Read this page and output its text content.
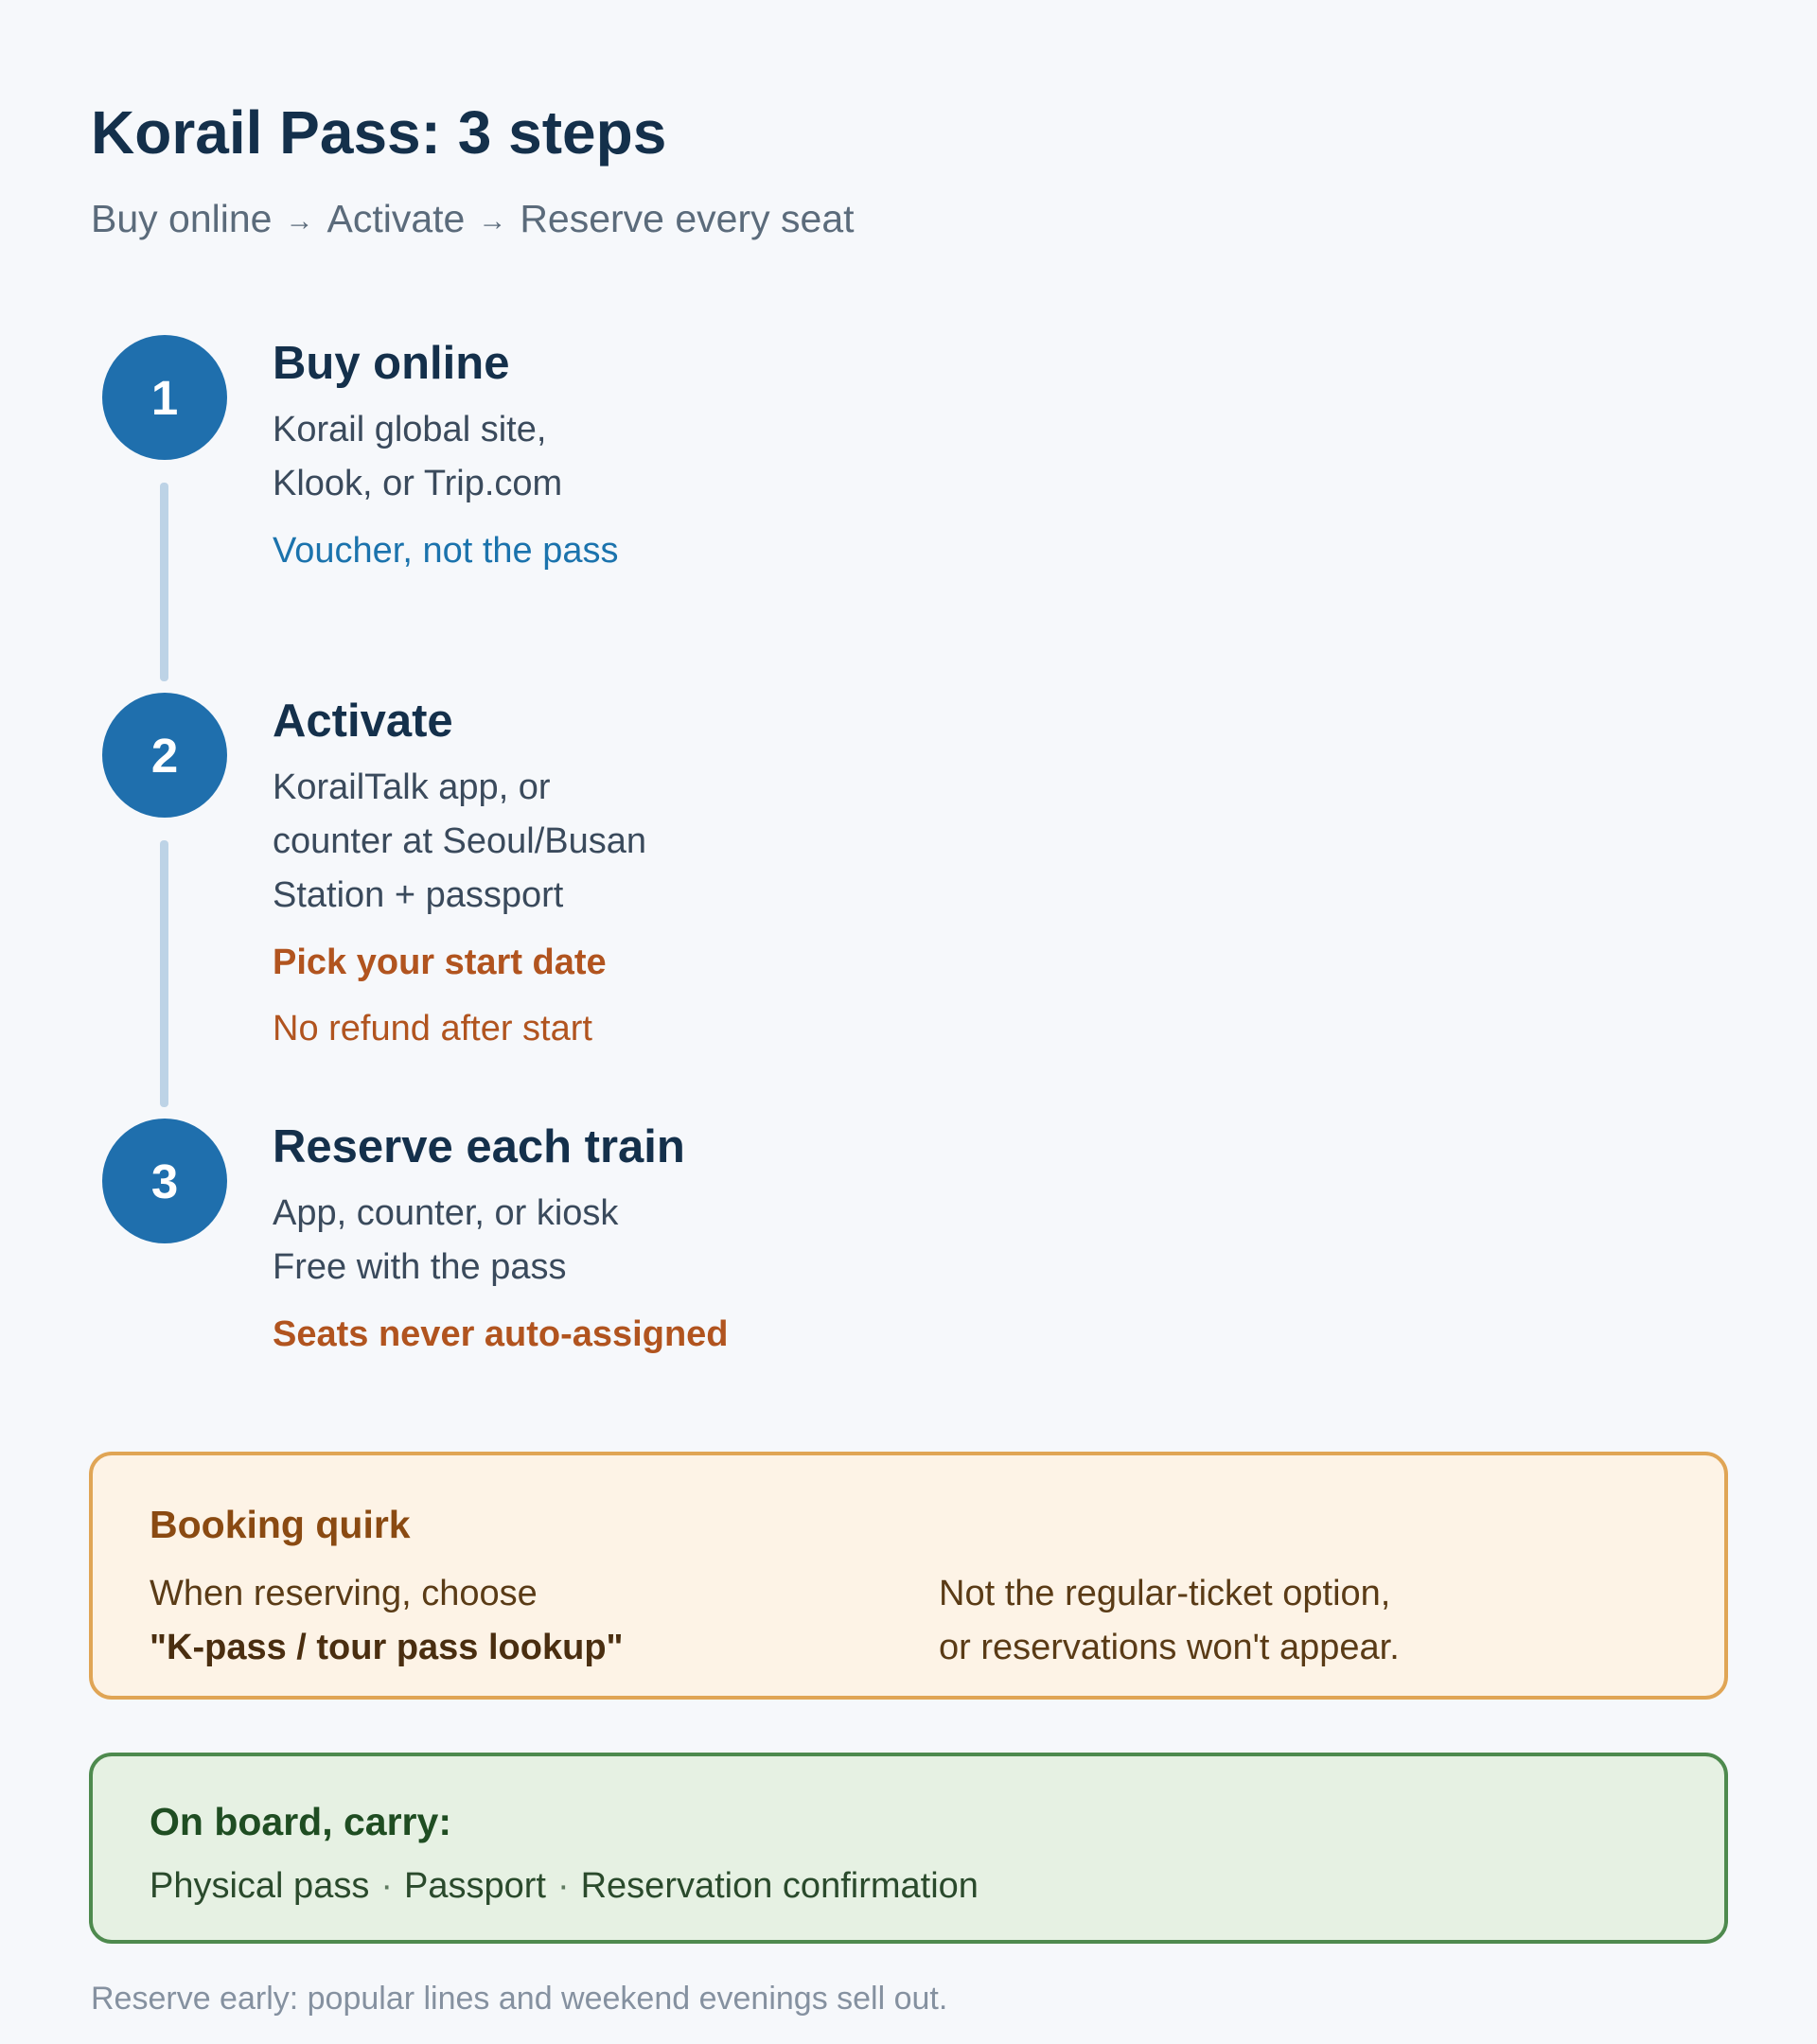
Korail Pass: 3 steps
Buy online → Activate → Reserve every seat
1
Buy online
Korail global site,
Klook, or Trip.com
Voucher, not the pass
2
Activate
KorailTalk app, or
counter at Seoul/Busan
Station + passport
Pick your start date
No refund after start
3
Reserve each train
App, counter, or kiosk
Free with the pass
Seats never auto-assigned
Booking quirk
When reserving, choose
"K-pass / tour pass lookup"
Not the regular-ticket option,
or reservations won't appear.
On board, carry:
Physical pass · Passport · Reservation confirmation
Reserve early: popular lines and weekend evenings sell out.
